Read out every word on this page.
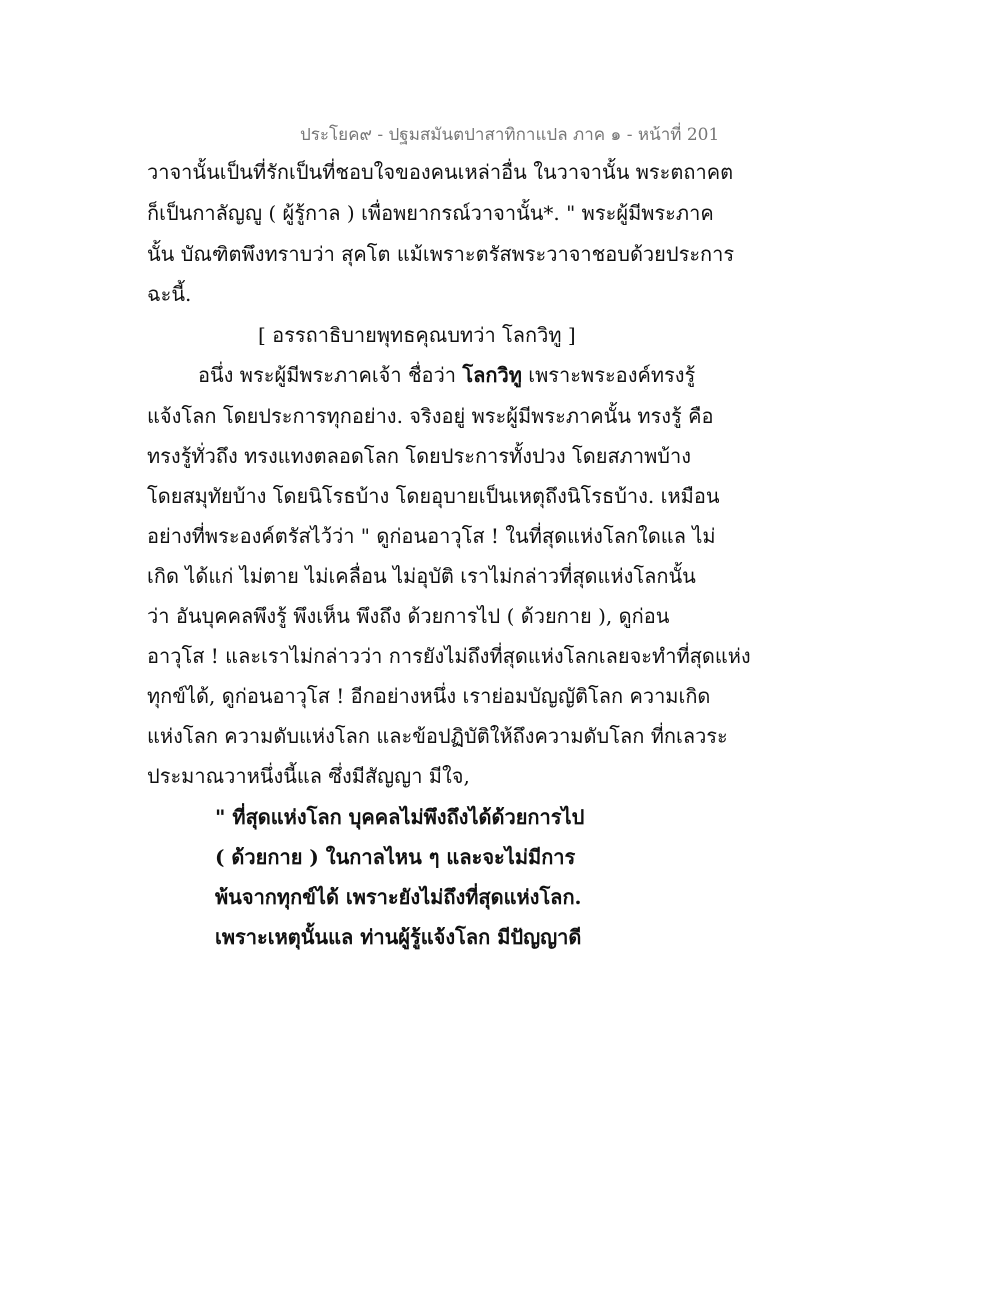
ประโยค๙ - ปฐมสมันตปาสาทิกาแปล ภาค ๑ - หน้าที่ 201
วาจานั้นเป็นที่รักเป็นที่ชอบใจของคนเหล่าอื่น ในวาจานั้น พระตถาคต
ก็เป็นกาลัญญู ( ผู้รู้กาล ) เพื่อพยากรณ์วาจานั้น*. " พระผู้มีพระภาค
นั้น บัณฑิตพึงทราบว่า สุคโต แม้เพราะตรัสพระวาจาชอบด้วยประการ
ฉะนี้.
[ อรรถาธิบายพุทธคุณบทว่า โลกวิทู ]
อนึ่ง พระผู้มีพระภาคเจ้า ชื่อว่า โลกวิทู เพราะพระองค์ทรงรู้
แจ้งโลก โดยประการทุกอย่าง. จริงอยู่ พระผู้มีพระภาคนั้น ทรงรู้ คือ
ทรงรู้ทั่วถึง ทรงแทงตลอดโลก โดยประการทั้งปวง โดยสภาพบ้าง
โดยสมุทัยบ้าง โดยนิโรธบ้าง โดยอุบายเป็นเหตุถึงนิโรธบ้าง. เหมือน
อย่างที่พระองค์ตรัสไว้ว่า " ดูก่อนอาวุโส ! ในที่สุดแห่งโลกใดแล ไม่
เกิด ได้แก่ ไม่ตาย ไม่เคลื่อน ไม่อุบัติ เราไม่กล่าวที่สุดแห่งโลกนั้น
ว่า อันบุคคลพึงรู้ พึงเห็น พึงถึง ด้วยการไป ( ด้วยกาย ), ดูก่อน
อาวุโส ! และเราไม่กล่าวว่า การยังไม่ถึงที่สุดแห่งโลกเลยจะทำที่สุดแห่ง
ทุกข์ได้, ดูก่อนอาวุโส ! อีกอย่างหนึ่ง เราย่อมบัญญัติโลก ความเกิด
แห่งโลก ความดับแห่งโลก และข้อปฏิบัติให้ถึงความดับโลก ที่กเลวระ
ประมาณวาหนึ่งนี้แล ซึ่งมีสัญญา มีใจ,
" ที่สุดแห่งโลก บุคคลไม่พึงถึงได้ด้วยการไป
( ด้วยกาย ) ในกาลไหน ๆ และจะไม่มีการ
พ้นจากทุกข์ได้ เพราะยังไม่ถึงที่สุดแห่งโลก.
เพราะเหตุนั้นแล ท่านผู้รู้แจ้งโลก มีปัญญาดี
